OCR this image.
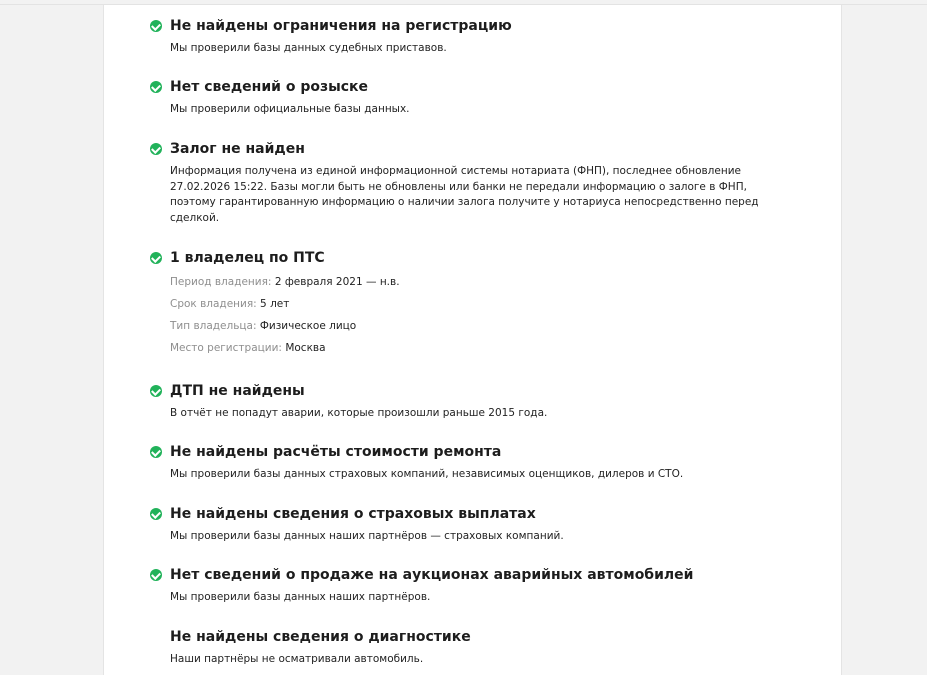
Не найдены ограничения на регистрацию
Мы проверили базы данных судебных приставов.
Нет сведений о розыске
Мы проверили официальные базы данных.
Залог не найден
Информация получена из единой информационной системы нотариата (ФНП), последнее обновление 27.02.2026 15:22. Базы могли быть не обновлены или банки не передали информацию о залоге в ФНП, поэтому гарантированную информацию о наличии залога получите у нотариуса непосредственно перед сделкой.
1 владелец по ПТС
Период владения: 2 февраля 2021 — н.в.
Срок владения: 5 лет
Тип владельца: Физическое лицо
Место регистрации: Москва
ДТП не найдены
В отчёт не попадут аварии, которые произошли раньше 2015 года.
Не найдены расчёты стоимости ремонта
Мы проверили базы данных страховых компаний, независимых оценщиков, дилеров и СТО.
Не найдены сведения о страховых выплатах
Мы проверили базы данных наших партнёров — страховых компаний.
Нет сведений о продаже на аукционах аварийных автомобилей
Мы проверили базы данных наших партнёров.
Не найдены сведения о диагностике
Наши партнёры не осматривали автомобиль.
